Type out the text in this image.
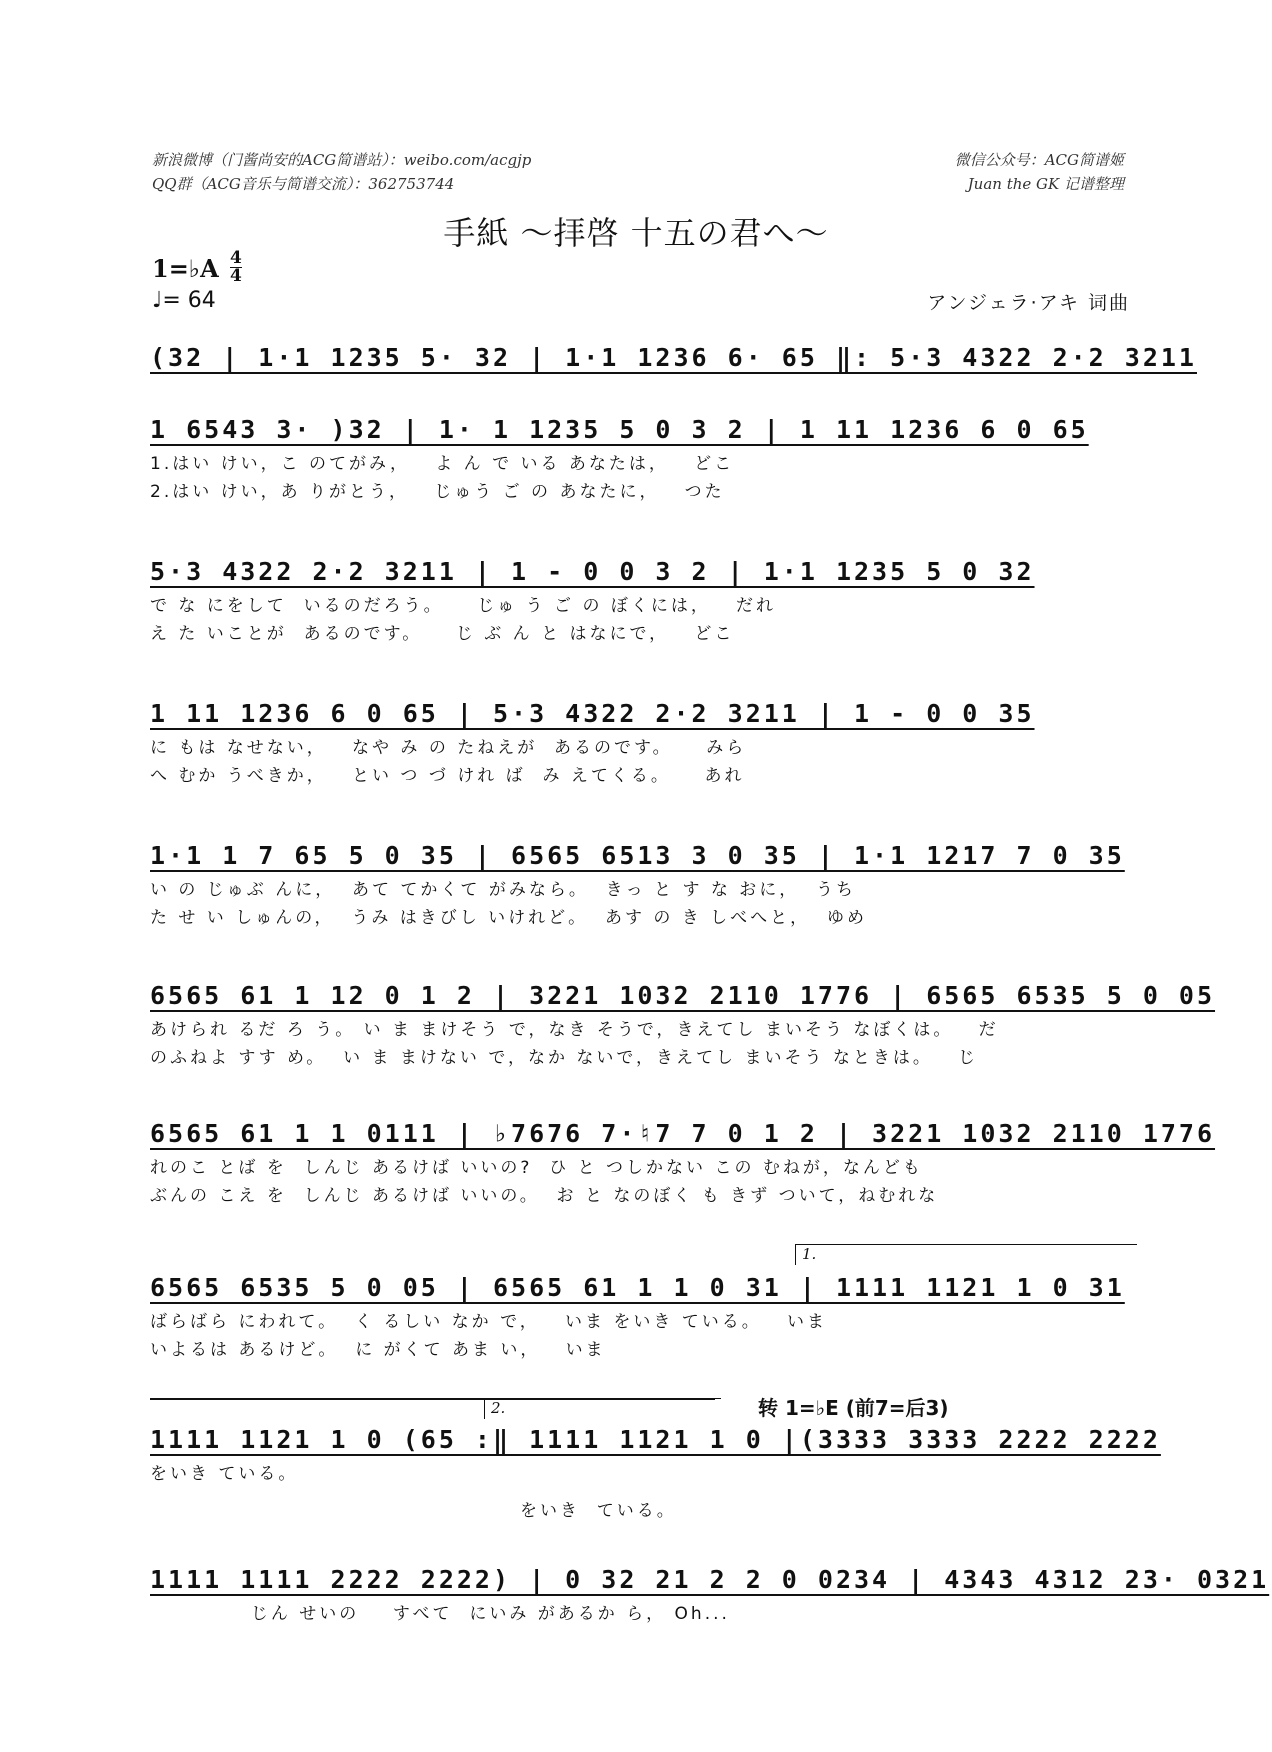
新浪微博（门酱尚安的ACG简谱站）：weibo.com/acgjp
QQ群（ACG音乐与简谱交流）：362753744
微信公众号：ACG简谱姬
Juan the GK 记谱整理
手紙 ～拝啓 十五の君へ～
1=♭A 4
4
♩= 64	アンジェラ·アキ 词曲
(32 | 1·1 1235 5· 32 | 1·1 1236 6· 65 ‖: 5·3 4322 2·2 3211
1 6543 3· )32 | 1· 1 1235 5 0 3 2 | 1 11 1236 6 0 65
1.はい けい，こ のてがみ，   よ ん で いる あなたは，   どこ
2.はい けい，あ りがとう，   じゅう ご の あなたに，   つた
5·3 4322 2·2 3211 | 1 - 0 0 3 2 | 1·1 1235 5 0 32
で な にをして  いるのだろう。    じゅ う ご の ぼくには，   だれ
え た いことが  あるのです。    じ ぶ ん と はなにで，   どこ
1 11 1236 6 0 65 | 5·3 4322 2·2 3211 | 1 - 0 0 35
に もは なせない，   なや み の たねえが  あるのです。    みら
へ むか うべきか，   とい つ づ けれ ば  み えてくる。    あれ
1·1 1 7 65 5 0 35 | 6565 6513 3 0 35 | 1·1 1217 7 0 35
い の じゅぶ んに，  あて てかくて がみなら。  きっ と す な おに，  うち
た せ い しゅんの，  うみ はきびし いけれど。  あす の き しべへと，  ゆめ
6565 61 1 12 0 1 2 | 3221 1032 2110 1776 | 6565 6535 5 0 05
あけられ るだ ろ う。 い ま まけそう で，なき そうで，きえてし まいそう なぼくは。   だ
のふねよ すす め。  い ま まけない で，なか ないで，きえてし まいそう なときは。   じ
6565 61 1 1 0111 | ♭7676 7·♮7 7 0 1 2 | 3221 1032 2110 1776
れのこ とば を  しんじ あるけば いいの?  ひ と つしかない この むねが，なんども
ぶんの こえ を  しんじ あるけば いいの。  お と なのぼく も きず ついて，ねむれな
1.
6565 6535 5 0 05 | 6565 61 1 1 0 31 | 1111 1121 1 0 31
ばらばら にわれて。  く るしい なか で，   いま をいき ている。   いま
いよるは あるけど。  に がくて あま い，   いま
2.	转 1=♭E (前7=后3)
1111 1121 1 0 (65 :‖ 1111 1121 1 0 |(3333 3333 2222 2222
をいき ている。
をいき  ている。
1111 1111 2222 2222) | 0 32 21 2 2 0 0234 | 4343 4312 23· 0321
じん せいの    すべて  にいみ があるか ら， Oh...
